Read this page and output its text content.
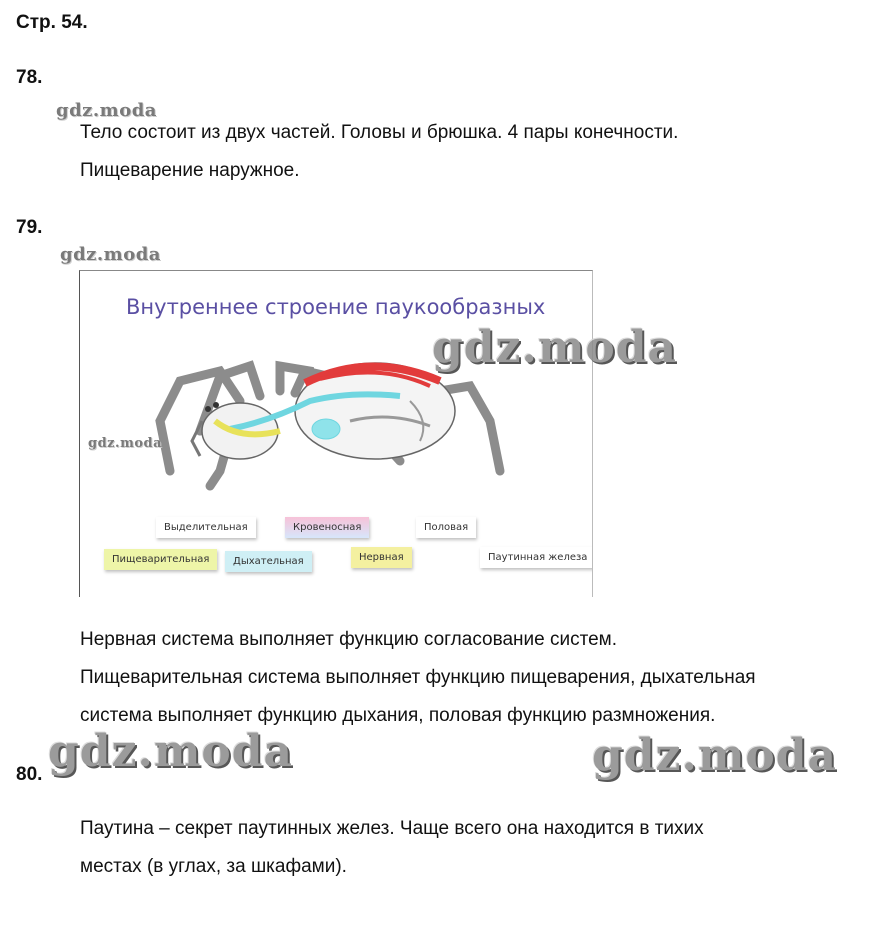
Стр. 54.
78.
gdz.moda
Тело состоит из двух частей. Головы и брюшка. 4 пары конечности.
Пищеварение наружное.
79.
gdz.moda
Внутреннее строение паукообразных
gdz.moda
Выделительная	Кровеносная	Половая
Пищеварительная	Дыхательная	Нервная	Паутинная железа
gdz.moda
Нервная система выполняет функцию согласование систем.
Пищеварительная система выполняет функцию пищеварения, дыхательная
система выполняет функцию дыхания, половая функцию размножения.
gdz.moda	gdz.moda
80.
Паутина – секрет паутинных желез. Чаще всего она находится в тихих
местах (в углах, за шкафами).
